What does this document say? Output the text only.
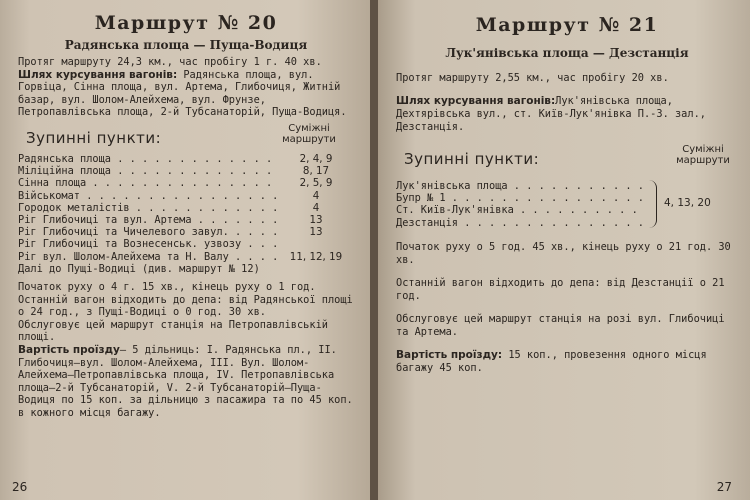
Маршрут № 20
Радянська площа — Пуща-Водиця

Протяг маршруту 24,3 км., час пробігу 1 г. 40 хв.

Шлях курсування вагонів: Радянська площа, вул. Горвіца, Сінна площа, вул. Артема, Глибочиця, Житній базар, вул. Шолом-Алейхема, вул. Фрунзе, Петропавлівська площа, 2-й Тубсанаторій, Пуща-Водиця.

Зупинні пункти:
Суміжні маршрути
Радянська площа . . .	2, 4, 9
Міліційна площа . . .	8, 17
Сінна площа . . .	2, 5, 9
Військомат . . .	4
Городок металістів . . .	4
Ріг Глибочиці та вул. Артема . . .	13
Ріг Глибочиці та Чичелевого завул. . . .	13
Ріг Глибочиці та Вознесенськ. узвозу . . .
Ріг вул. Шолом-Алейхема та Н. Валу . . .	11, 12, 19
Далі до Пущі-Водиці (див. маршрут № 12)

Початок руху о 4 г. 15 хв., кінець руху о 1 год.

Останній вагон відходить до депа: від Радянської площі о 24 год., з Пущі-Водиці о 0 год. 30 хв.

Обслуговує цей маршрут станція на Петропавлівській площі.

Вартість проїзду— 5 дільниць: І. Радянська пл., ІІ. Глибочиця—вул. Шолом-Алейхема, ІІІ. Вул. Шолом-Алейхема—Петропавлівська площа, IV. Петропавлівська площа—2-й Тубсанаторій, V. 2-й Тубсанаторій—Пуща-Водиця по 15 коп. за дільницю з пасажира та по 45 коп. в кожного місця багажу.

26
Маршрут № 21
Лук'янівська площа — Дезстанція

Протяг маршруту 2,55 км., час пробігу 20 хв.

Шлях курсування вагонів:Лук'янівська площа, Дехтярівська вул., ст. Київ-Лук'янівка П.-З. зал., Дезстанція.

Зупинні пункти:
Суміжні маршрути
Лук'янівська площа . . .
Бупр № 1 . . .
Ст. Київ-Лук'янівка . . .
Дезстанція . . .
4, 13, 20

Початок руху о 5 год. 45 хв., кінець руху о 21 год. 30 хв.

Останній вагон відходить до депа: від Дезстанції о 21 год.

Обслуговує цей маршрут станція на розі вул. Глибочиці та Артема.

Вартість проїзду: 15 коп., провезення одного місця багажу 45 коп.

27
